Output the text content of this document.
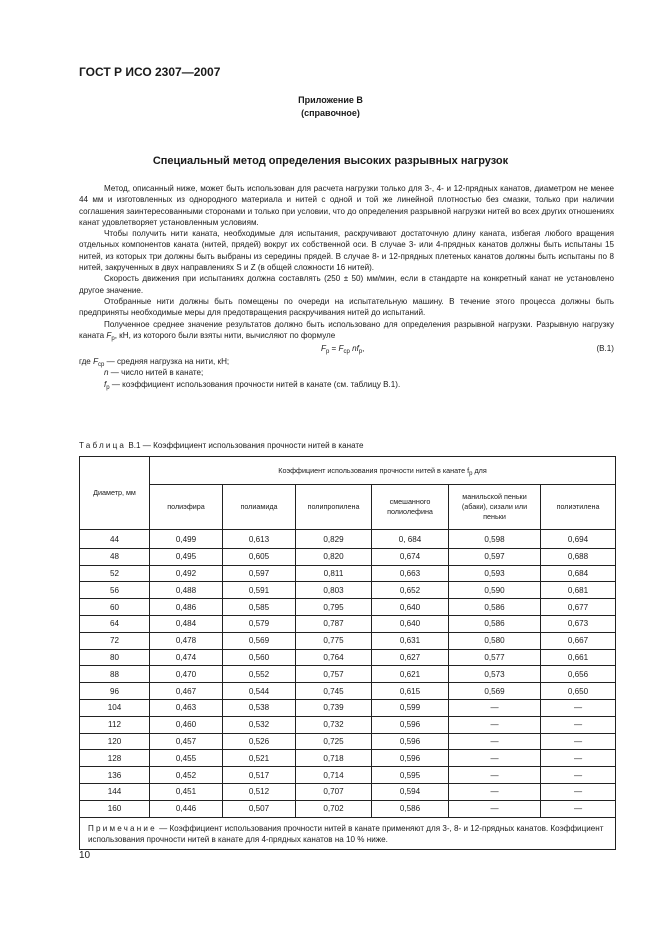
ГОСТ Р ИСО 2307—2007
Приложение В
(справочное)
Специальный метод определения высоких разрывных нагрузок

Метод, описанный ниже, может быть использован для расчета нагрузки только для 3-, 4- и 12-прядных канатов, диаметром не менее 44 мм и изготовленных из однородного материала и нитей с одной и той же линейной плотностью без смазки, только при наличии соглашения заинтересованными сторонами и только при условии, что до определения разрывной нагрузки нитей во всех других отношениях канат удовлетворяет установленным условиям.

Чтобы получить нити каната, необходимые для испытания, раскручивают достаточную длину каната, избегая любого вращения отдельных компонентов каната (нитей, прядей) вокруг их собственной оси. В случае 3- или 4-прядных канатов должны быть испытаны 15 нитей, из которых три должны быть выбраны из середины прядей. В случае 8- и 12-прядных плетеных канатов должны быть испытаны по 8 нитей, закрученных в двух направлениях S и Z (в общей сложности 16 нитей).

Скорость движения при испытаниях должна составлять (250 ± 50) мм/мин, если в стандарте на конкретный канат не установлено другое значение.

Отобранные нити должны быть помещены по очереди на испытательную машину. В течение этого процесса должны быть предприняты необходимые меры для предотвращения раскручивания нитей до испытаний.

Полученное среднее значение результатов должно быть использовано для определения разрывной нагрузки. Разрывную нагрузку каната $F_p$, кН, из которого были взяты нити, вычисляют по формуле

$F_p = F_{ср}$ $nf_p$,	(В.1)
где $F_{ср}$ — средняя нагрузка на нити, кН;
n — число нитей в канате;
$f_р$ — коэффициент использования прочности нитей в канате (см. таблицу В.1).
Таблица В.1 — Коэффициент использования прочности нитей в канате
Диаметр, мм	Коэффициент использования прочности нитей в канате $f_р$ для					
	полиэфира	полиамида	полипропилена	смешанного полиолефина	манильской пеньки (абаки), сизали или пеньки	полиэтилена
44	0,499	0,613	0,829	0, 684	0,598	0,694
48	0,495	0,605	0,820	0,674	0,597	0,688
52	0,492	0,597	0,811	0,663	0,593	0,684
56	0,488	0,591	0,803	0,652	0,590	0,681
60	0,486	0,585	0,795	0,640	0,586	0,677
64	0,484	0,579	0,787	0,640	0,586	0,673
72	0,478	0,569	0,775	0,631	0,580	0,667
80	0,474	0,560	0,764	0,627	0,577	0,661
88	0,470	0,552	0,757	0,621	0,573	0,656
96	0,467	0,544	0,745	0,615	0,569	0,650
104	0,463	0,538	0,739	0,599	—	—
112	0,460	0,532	0,732	0,596	—	—
120	0,457	0,526	0,725	0,596	—	—
128	0,455	0,521	0,718	0,596	—	—
136	0,452	0,517	0,714	0,595	—	—
144	0,451	0,512	0,707	0,594	—	—
160	0,446	0,507	0,702	0,586	—	—
Примечание — Коэффициент использования прочности нитей в канате применяют для 3-, 8- и 12-прядных канатов. Коэффициент использования прочности нитей в канате для 4-прядных канатов на 10 % ниже.						
10
